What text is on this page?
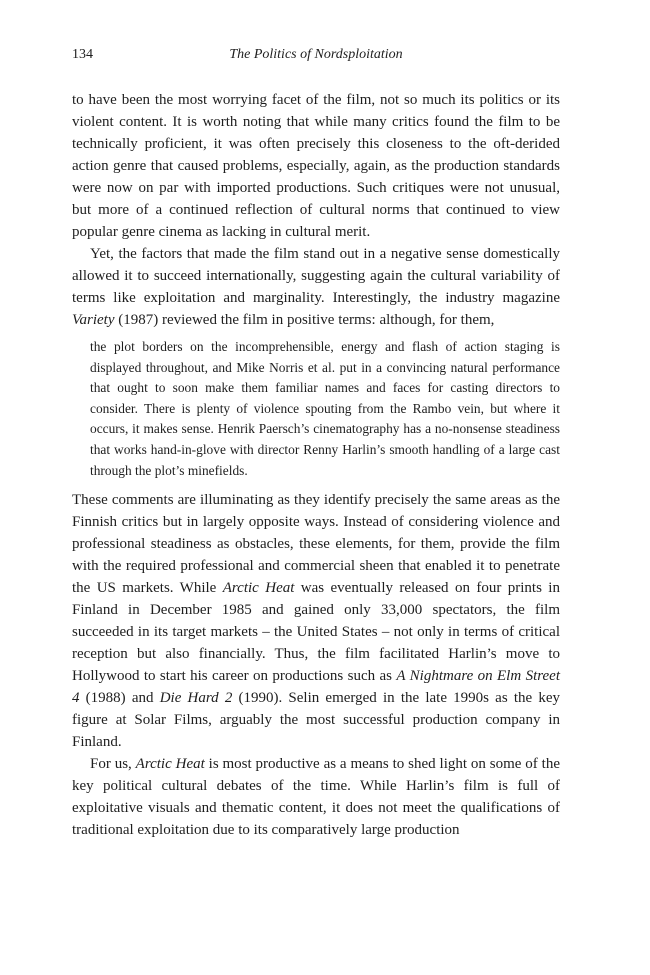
134	The Politics of Nordsploitation

to have been the most worrying facet of the film, not so much its politics or its violent content. It is worth noting that while many critics found the film to be technically proficient, it was often precisely this closeness to the oft-derided action genre that caused problems, especially, again, as the production standards were now on par with imported productions. Such critiques were not unusual, but more of a continued reflection of cultural norms that continued to view popular genre cinema as lacking in cultural merit.

Yet, the factors that made the film stand out in a negative sense domestically allowed it to succeed internationally, suggesting again the cultural variability of terms like exploitation and marginality. Interestingly, the industry magazine Variety (1987) reviewed the film in positive terms: although, for them,

the plot borders on the incomprehensible, energy and flash of action staging is displayed throughout, and Mike Norris et al. put in a convincing natural performance that ought to soon make them familiar names and faces for casting directors to consider. There is plenty of violence spouting from the Rambo vein, but where it occurs, it makes sense. Henrik Paersch’s cinematography has a no-nonsense steadiness that works hand-in-glove with director Renny Harlin’s smooth handling of a large cast through the plot’s minefields.

These comments are illuminating as they identify precisely the same areas as the Finnish critics but in largely opposite ways. Instead of considering violence and professional steadiness as obstacles, these elements, for them, provide the film with the required professional and commercial sheen that enabled it to penetrate the US markets. While Arctic Heat was eventually released on four prints in Finland in December 1985 and gained only 33,000 spectators, the film succeeded in its target markets – the United States – not only in terms of critical reception but also financially. Thus, the film facilitated Harlin’s move to Hollywood to start his career on productions such as A Nightmare on Elm Street 4 (1988) and Die Hard 2 (1990). Selin emerged in the late 1990s as the key figure at Solar Films, arguably the most successful production company in Finland.

For us, Arctic Heat is most productive as a means to shed light on some of the key political cultural debates of the time. While Harlin’s film is full of exploitative visuals and thematic content, it does not meet the qualifications of traditional exploitation due to its comparatively large production
